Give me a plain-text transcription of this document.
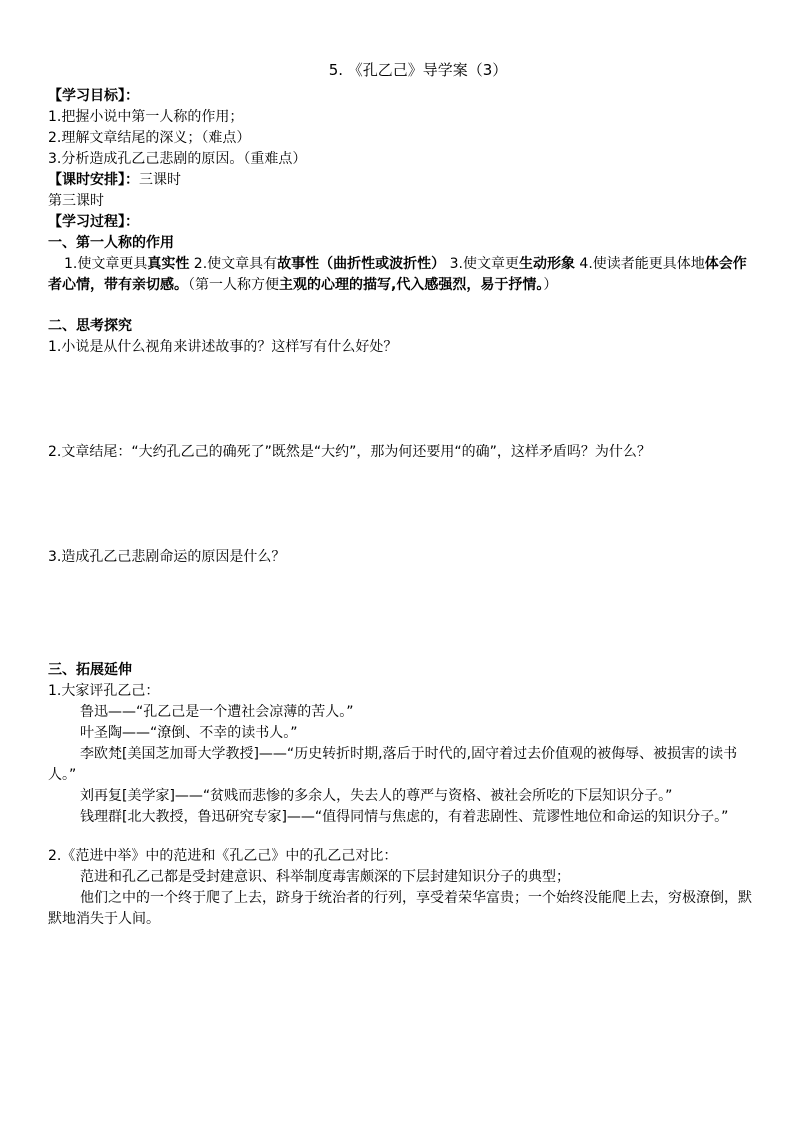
5. 《孔乙己》导学案（3）
【学习目标】：
1.把握小说中第一人称的作用；
2.理解文章结尾的深义；（难点）
3.分析造成孔乙己悲剧的原因。（重难点）
【课时安排】：三课时
第三课时
【学习过程】：
一、第一人称的作用
1.使文章更具真实性 2.使文章具有故事性（曲折性或波折性） 3.使文章更生动形象 4.使读者能更具体地体会作者心情，带有亲切感。（第一人称方便主观的心理的描写,代入感强烈，易于抒情。）
二、思考探究
1.小说是从什么视角来讲述故事的？这样写有什么好处？
2.文章结尾：“大约孔乙己的确死了”既然是“大约”，那为何还要用“的确”，这样矛盾吗？为什么？
3.造成孔乙己悲剧命运的原因是什么？
三、拓展延伸
1.大家评孔乙己：
鲁迅——“孔乙己是一个遭社会凉薄的苦人。”
叶圣陶——“潦倒、不幸的读书人。”
李欧梵[美国芝加哥大学教授]——“历史转折时期,落后于时代的,固守着过去价值观的被侮辱、被损害的读书人。”
刘再复[美学家]——“贫贱而悲惨的多余人，失去人的尊严与资格、被社会所吃的下层知识分子。”
钱理群[北大教授，鲁迅研究专家]——“值得同情与焦虑的，有着悲剧性、荒谬性地位和命运的知识分子。”
2.《范进中举》中的范进和《孔乙己》中的孔乙己对比：
范进和孔乙己都是受封建意识、科举制度毒害颇深的下层封建知识分子的典型；
他们之中的一个终于爬了上去，跻身于统治者的行列，享受着荣华富贵；一个始终没能爬上去，穷极潦倒，默默地消失于人间。
